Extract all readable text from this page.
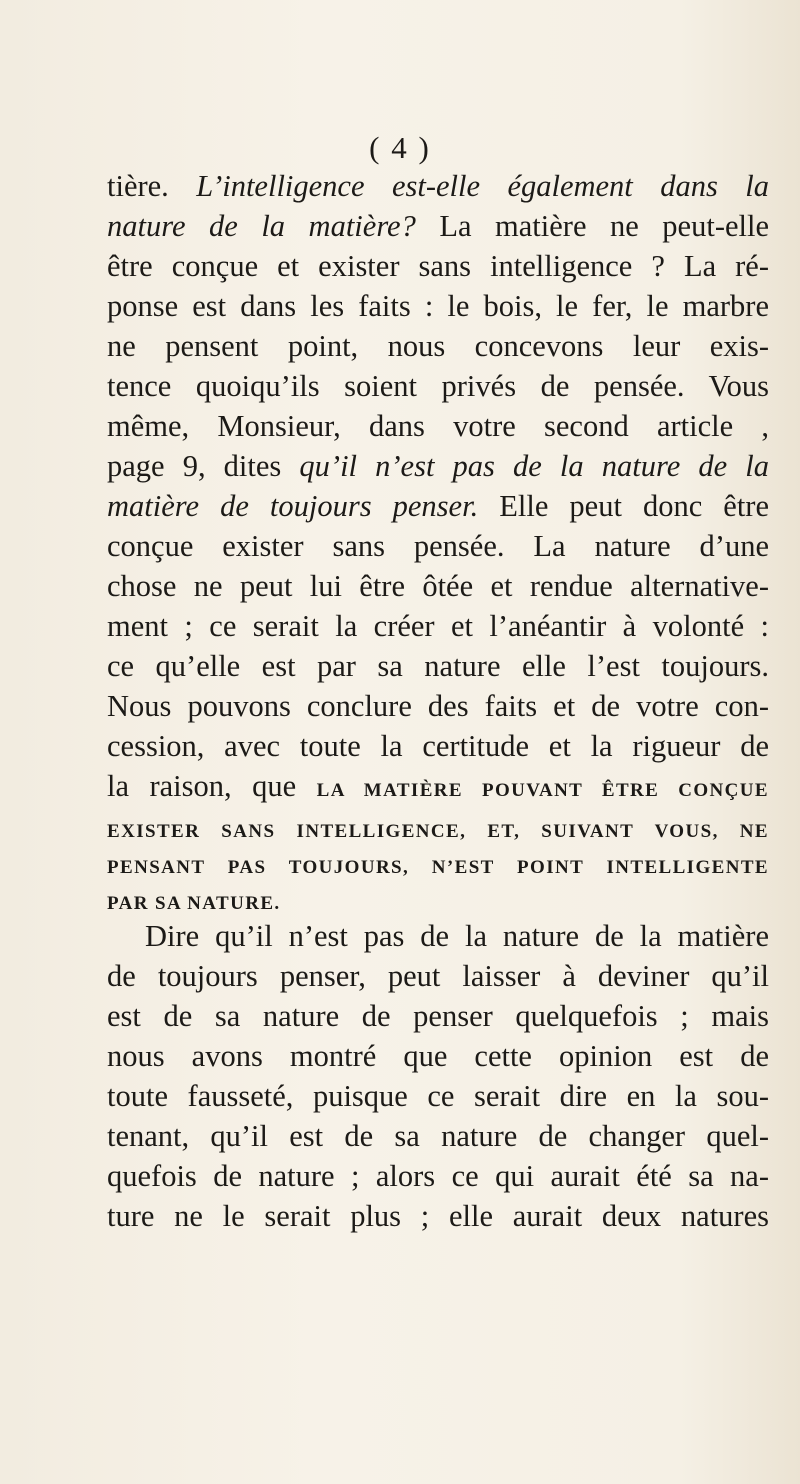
( 4 )
tière. L’intelligence est-elle également dans la
nature de la matière? La matière ne peut-elle
être conçue et exister sans intelligence ? La ré-
ponse est dans les faits : le bois, le fer, le marbre
ne pensent point, nous concevons leur exis-
tence quoiqu’ils soient privés de pensée. Vous
même, Monsieur, dans votre second article ,
page 9, dites qu’il n’est pas de la nature de la
matière de toujours penser. Elle peut donc être
conçue exister sans pensée. La nature d’une
chose ne peut lui être ôtée et rendue alternative-
ment ; ce serait la créer et l’anéantir à volonté :
ce qu’elle est par sa nature elle l’est toujours.
Nous pouvons conclure des faits et de votre con-
cession, avec toute la certitude et la rigueur de
la raison, que LA MATIÈRE POUVANT ÊTRE CONÇUE
EXISTER SANS INTELLIGENCE, ET, SUIVANT VOUS, NE
PENSANT PAS TOUJOURS, N’EST POINT INTELLIGENTE
PAR SA NATURE.
Dire qu’il n’est pas de la nature de la matière
de toujours penser, peut laisser à deviner qu’il
est de sa nature de penser quelquefois ; mais
nous avons montré que cette opinion est de
toute fausseté, puisque ce serait dire en la sou-
tenant, qu’il est de sa nature de changer quel-
quefois de nature ; alors ce qui aurait été sa na-
ture ne le serait plus ; elle aurait deux natures
